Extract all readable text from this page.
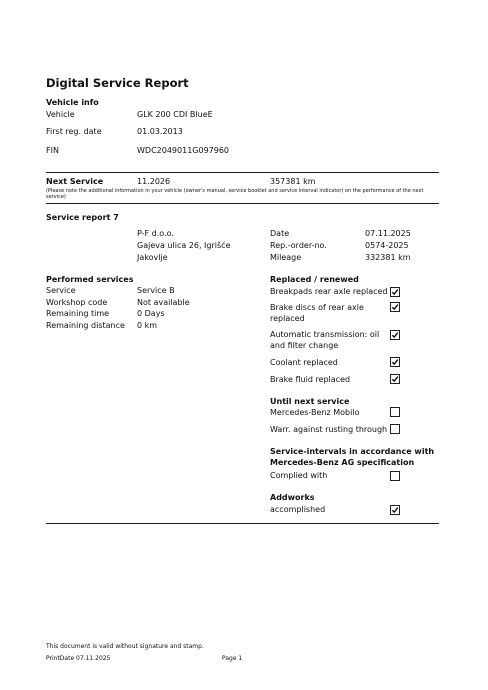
Digital Service Report
Vehicle info
Vehicle	GLK 200 CDI BlueE
First reg. date	01.03.2013
FIN	WDC2049011G097960
Next Service	11.2026	357381 km
(Please note the additional information in your vehicle (owner's manual, service booklet and service interval indicator) on the performance of the next service)
Service report 7
P-F d.o.o.
Gajeva ulica 26, Igrišće
Jakovlje
Date	07.11.2025
Rep.-order-no.	0574-2025
Mileage	332381 km
Performed services
Service	Service B
Workshop code	Not available
Remaining time	0 Days
Remaining distance 0 km
Replaced / renewed
Breakpads rear axle replaced
Brake discs of rear axle replaced
Automatic transmission: oil and filter change
Coolant replaced
Brake fluid replaced
Until next service
Mercedes-Benz Mobilo
Warr. against rusting through
Service-intervals in accordance with Mercedes-Benz AG specification
Complied with
Addworks
accomplished
This document is valid without signature and stamp.
PrintDate 07.11.2025	Page 1
